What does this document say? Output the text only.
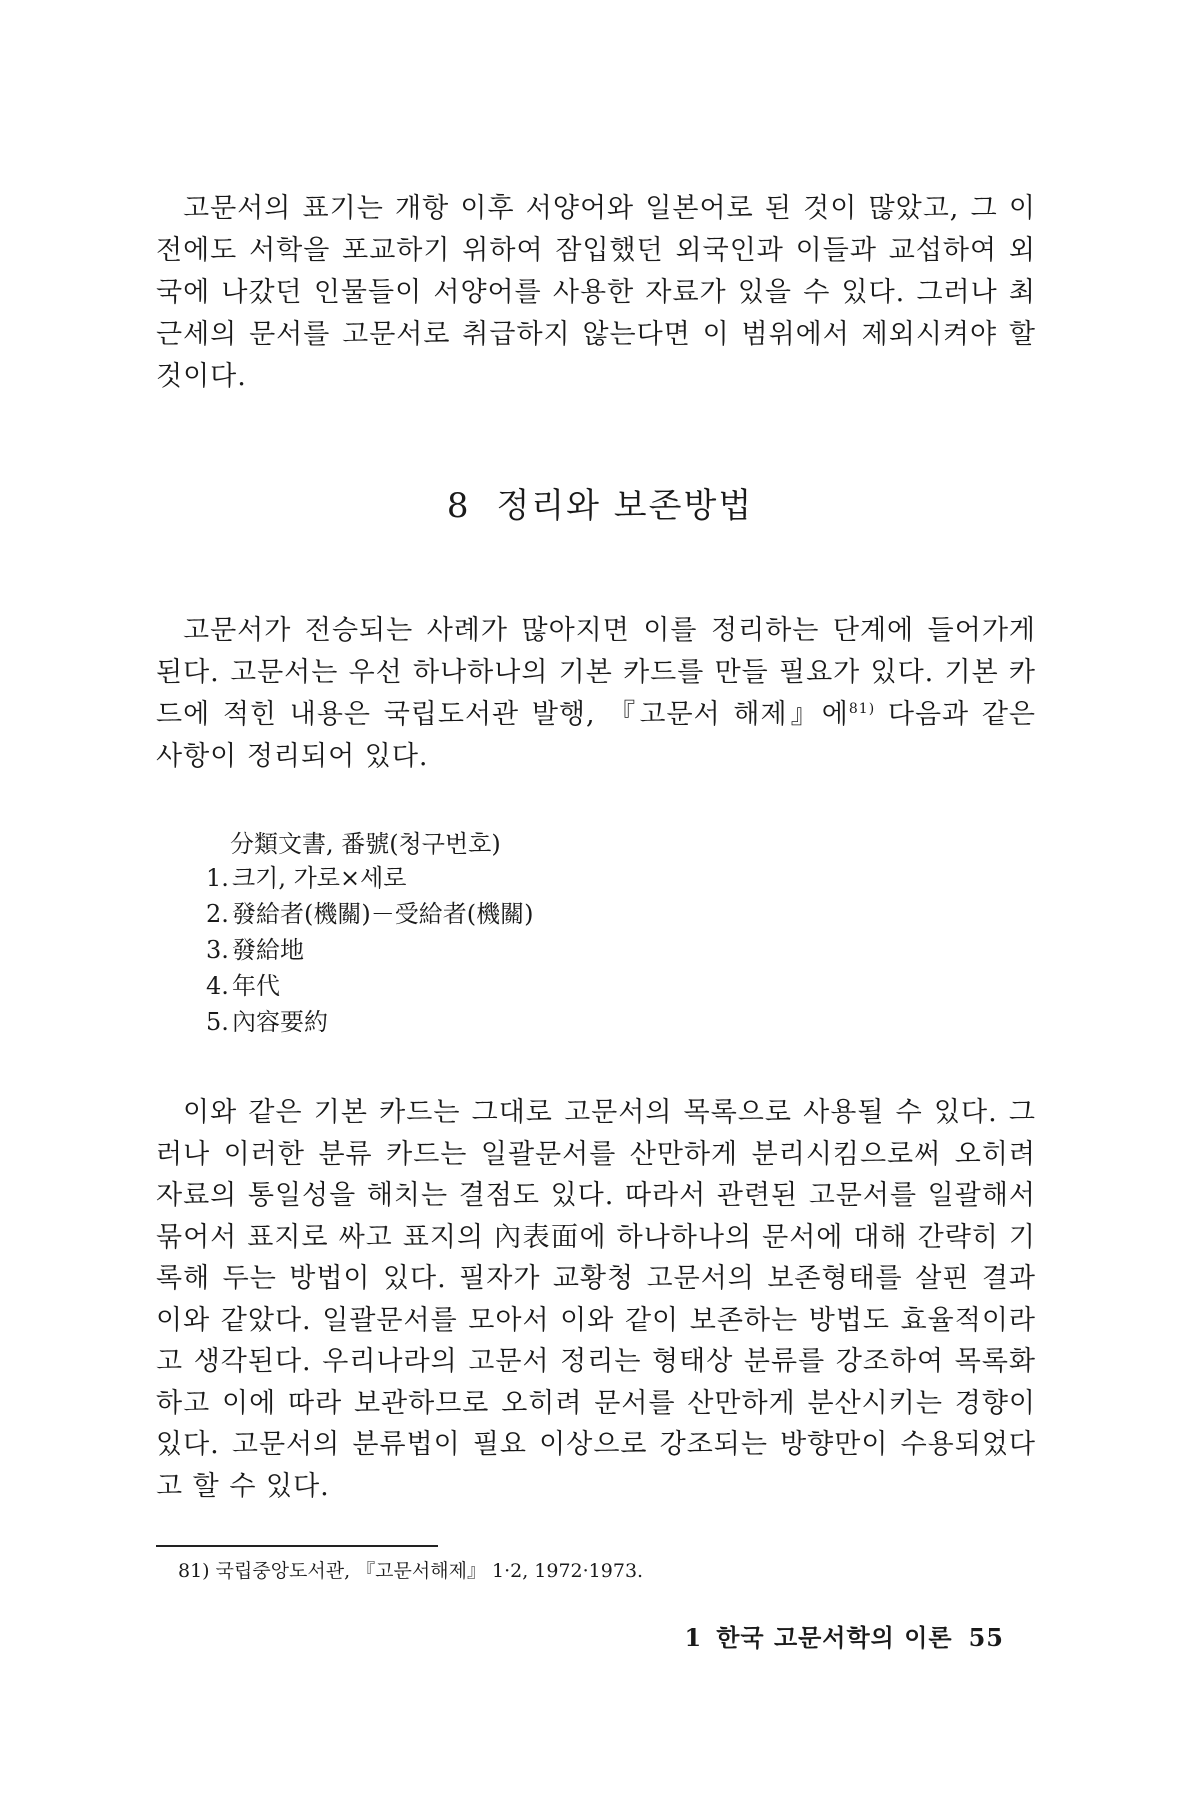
고문서의 표기는 개항 이후 서양어와 일본어로 된 것이 많았고, 그 이전에도 서학을 포교하기 위하여 잠입했던 외국인과 이들과 교섭하여 외국에 나갔던 인물들이 서양어를 사용한 자료가 있을 수 있다. 그러나 최근세의 문서를 고문서로 취급하지 않는다면 이 범위에서 제외시켜야 할 것이다.

8 정리와 보존방법

고문서가 전승되는 사례가 많아지면 이를 정리하는 단계에 들어가게 된다. 고문서는 우선 하나하나의 기본 카드를 만들 필요가 있다. 기본 카드에 적힌 내용은 국립도서관 발행, 『고문서 해제』에$^{81)}$ 다음과 같은 사항이 정리되어 있다.

分類文書, 番號(청구번호)

1. 크기, 가로×세로
2. 發給者(機關)－受給者(機關)
3. 發給地
4. 年代
5. 內容要約

이와 같은 기본 카드는 그대로 고문서의 목록으로 사용될 수 있다. 그러나 이러한 분류 카드는 일괄문서를 산만하게 분리시킴으로써 오히려 자료의 통일성을 해치는 결점도 있다. 따라서 관련된 고문서를 일괄해서 묶어서 표지로 싸고 표지의 內表面에 하나하나의 문서에 대해 간략히 기록해 두는 방법이 있다. 필자가 교황청 고문서의 보존형태를 살핀 결과 이와 같았다. 일괄문서를 모아서 이와 같이 보존하는 방법도 효율적이라고 생각된다. 우리나라의 고문서 정리는 형태상 분류를 강조하여 목록화하고 이에 따라 보관하므로 오히려 문서를 산만하게 분산시키는 경향이 있다. 고문서의 분류법이 필요 이상으로 강조되는 방향만이 수용되었다고 할 수 있다.

81) 국립중앙도서관, 『고문서해제』 1·2, 1972·1973.

1 한국 고문서학의 이론 55
